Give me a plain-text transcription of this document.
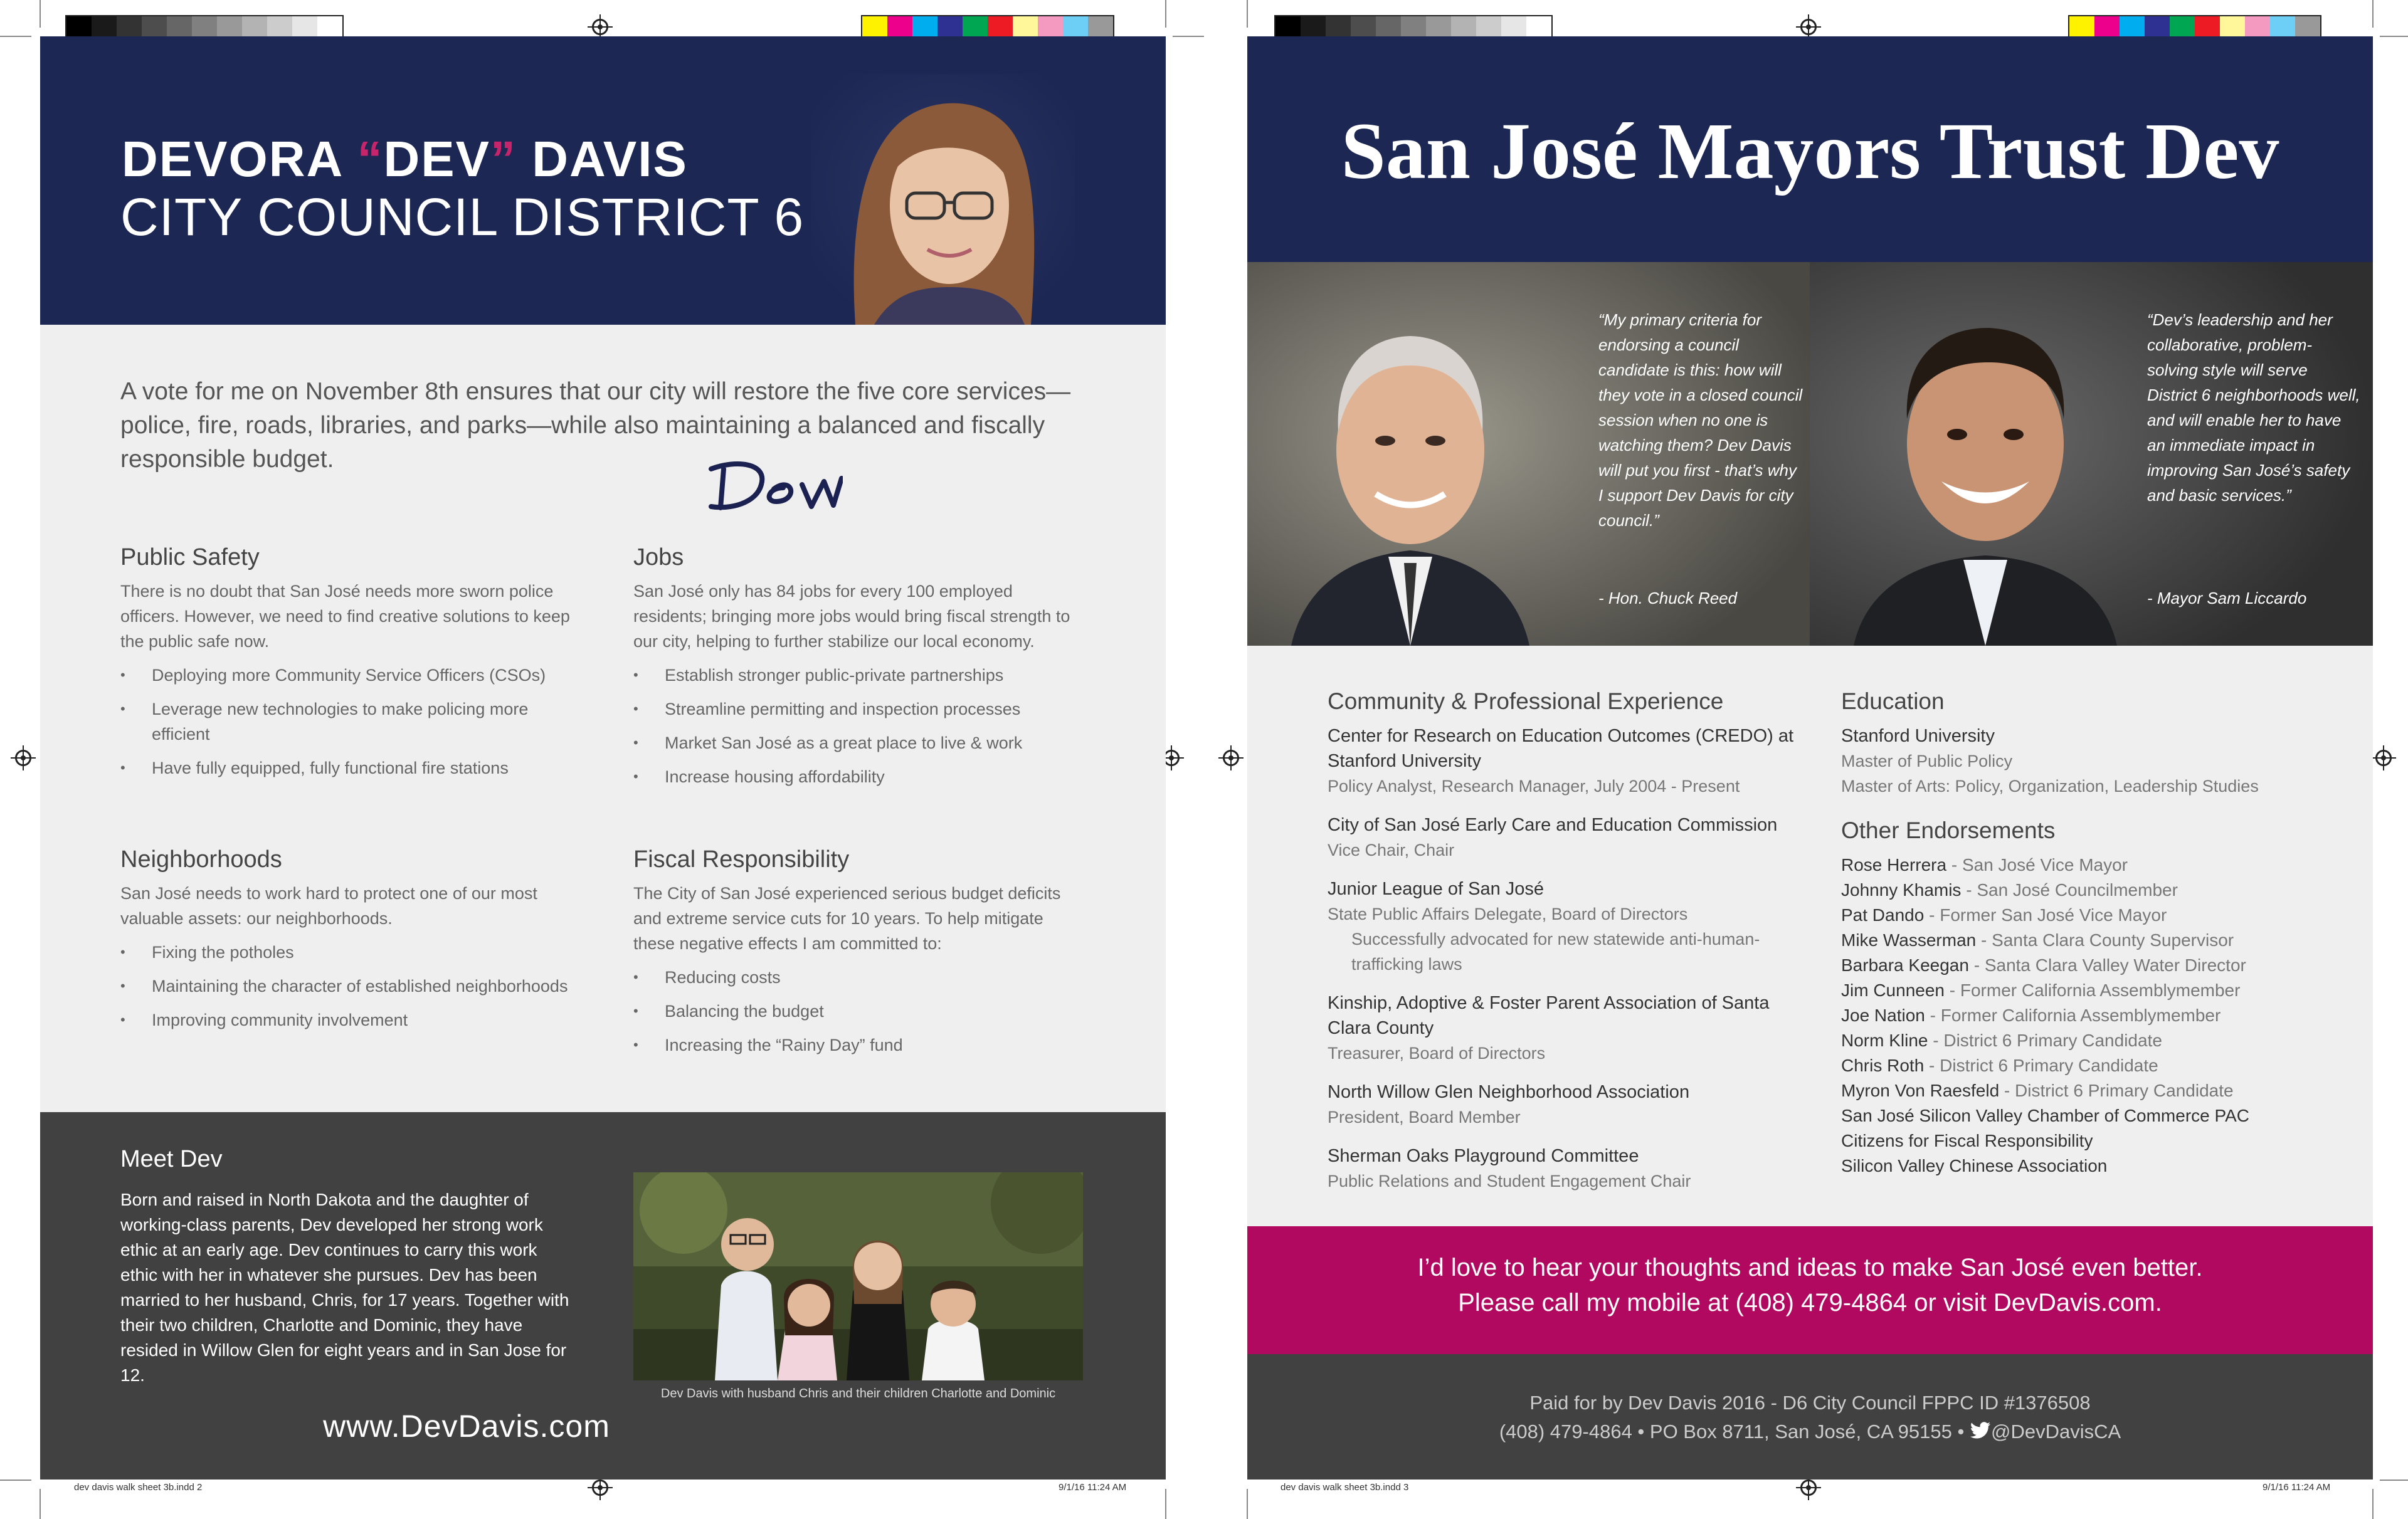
dev davis walk sheet 3b.indd 2	9/1/16 11:24 AM	dev davis walk sheet 3b.indd 3	9/1/16 11:24 AM
DEVORA “DEV” DAVIS
CITY COUNCIL DISTRICT 6
A vote for me on November 8th ensures that our city will restore the five core services—police, fire, roads, libraries, and parks—while also maintaining a balanced and fiscally responsible budget.
Public Safety

There is no doubt that San José needs more sworn police officers. However, we need to find creative solutions to keep the public safe now.

• Deploying more Community Service Officers (CSOs)
• Leverage new technologies to make policing more efficient
• Have fully equipped, fully functional fire stations
Jobs

San José only has 84 jobs for every 100 employed residents; bringing more jobs would bring fiscal strength to our city, helping to further stabilize our local economy.

• Establish stronger public-private partnerships
• Streamline permitting and inspection processes
• Market San José as a great place to live & work
• Increase housing affordability
Neighborhoods

San José needs to work hard to protect one of our most valuable assets: our neighborhoods.

• Fixing the potholes
• Maintaining the character of established neighborhoods
• Improving community involvement
Fiscal Responsibility

The City of San José experienced serious budget deficits and extreme service cuts for 10 years. To help mitigate these negative effects I am committed to:

• Reducing costs
• Balancing the budget
• Increasing the “Rainy Day” fund
Meet Dev

Born and raised in North Dakota and the daughter of working-class parents, Dev developed her strong work ethic at an early age. Dev continues to carry this work ethic with her in whatever she pursues. Dev has been married to her husband, Chris, for 17 years. Together with their two children, Charlotte and Dominic, they have resided in Willow Glen for eight years and in San Jose for 12.

Dev Davis with husband Chris and their children Charlotte and Dominic
www.DevDavis.com
San José Mayors Trust Dev
“My primary criteria for endorsing a council candidate is this: how will they vote in a closed council session when no one is watching them? Dev Davis will put you first - that’s why I support Dev Davis for city council.”
- Hon. Chuck Reed
“Dev’s leadership and her collaborative, problem-solving style will serve District 6 neighborhoods well, and will enable her to have an immediate impact in improving San José’s safety and basic services.”
- Mayor Sam Liccardo
Community & Professional Experience
Center for Research on Education Outcomes (CREDO) at Stanford University
Policy Analyst, Research Manager, July 2004 - Present
City of San José Early Care and Education Commission
Vice Chair, Chair
Junior League of San José
State Public Affairs Delegate, Board of Directors
Successfully advocated for new statewide anti-human-trafficking laws
Kinship, Adoptive & Foster Parent Association of Santa Clara County
Treasurer, Board of Directors
North Willow Glen Neighborhood Association
President, Board Member
Sherman Oaks Playground Committee
Public Relations and Student Engagement Chair
Education
Stanford University
Master of Public Policy
Master of Arts: Policy, Organization, Leadership Studies
Other Endorsements
Rose Herrera - San José Vice Mayor
Johnny Khamis - San José Councilmember
Pat Dando - Former San José Vice Mayor
Mike Wasserman - Santa Clara County Supervisor
Barbara Keegan - Santa Clara Valley Water Director
Jim Cunneen - Former California Assemblymember
Joe Nation - Former California Assemblymember
Norm Kline - District 6 Primary Candidate
Chris Roth - District 6 Primary Candidate
Myron Von Raesfeld - District 6 Primary Candidate
San José Silicon Valley Chamber of Commerce PAC
Citizens for Fiscal Responsibility
Silicon Valley Chinese Association
I’d love to hear your thoughts and ideas to make San José even better.
Please call my mobile at (408) 479-4864 or visit DevDavis.com.
Paid for by Dev Davis 2016 - D6 City Council FPPC ID #1376508
(408) 479-4864 • PO Box 8711, San José, CA 95155 • @DevDavisCA
